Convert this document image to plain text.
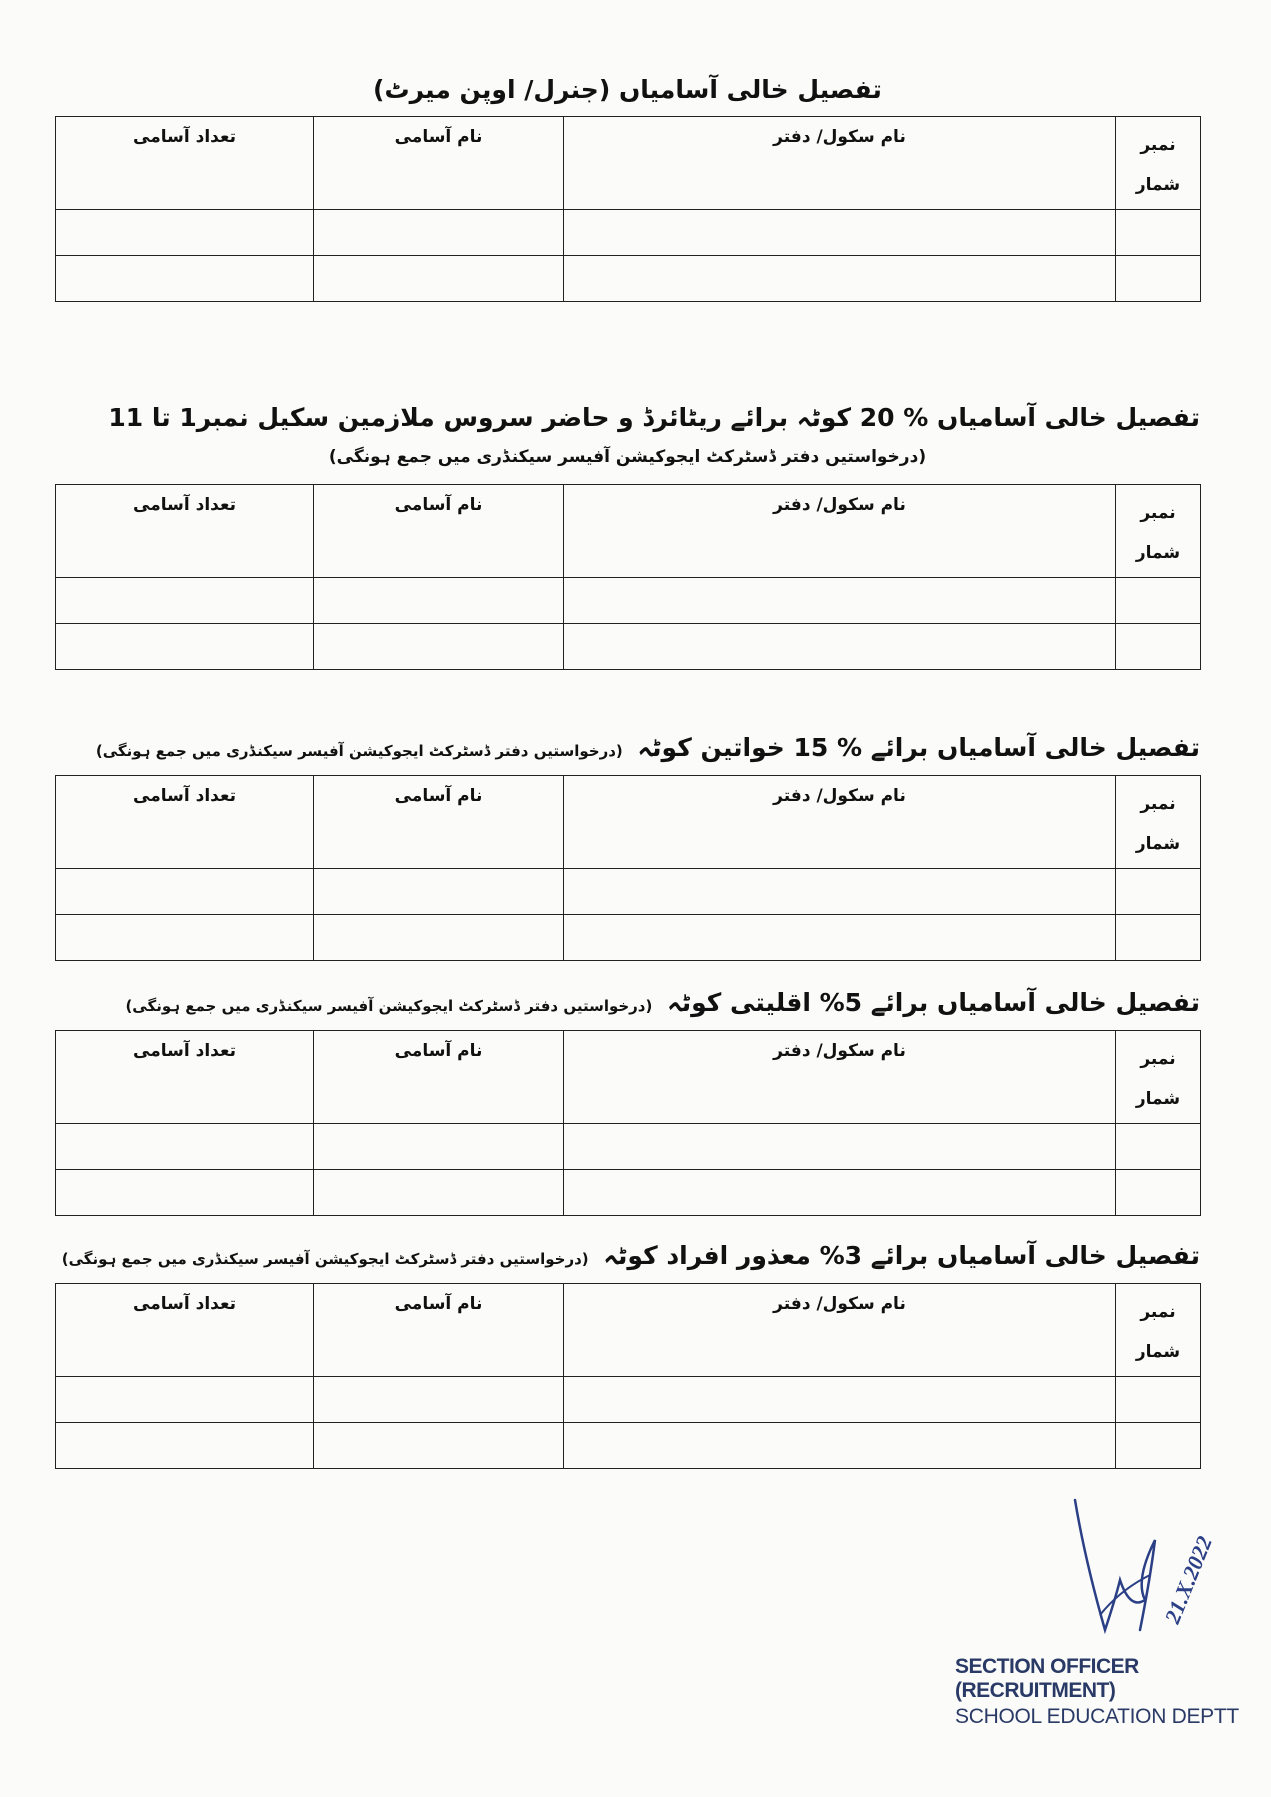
تفصیل خالی آسامیاں (جنرل/ اوپن میرٹ)
نمبر
شمار	نام سکول/ دفتر	نام آسامی	تعداد آسامی

تفصیل خالی آسامیاں % 20 کوٹہ برائے ریٹائرڈ و حاضر سروس ملازمین سکیل نمبر1 تا 11
(درخواستیں دفتر ڈسٹرکٹ ایجوکیشن آفیسر سیکنڈری میں جمع ہونگی)
نمبر
شمار	نام سکول/ دفتر	نام آسامی	تعداد آسامی

تفصیل خالی آسامیاں برائے % 15 خواتین کوٹہ (درخواستیں دفتر ڈسٹرکٹ ایجوکیشن آفیسر سیکنڈری میں جمع ہونگی)
نمبر
شمار	نام سکول/ دفتر	نام آسامی	تعداد آسامی

تفصیل خالی آسامیاں برائے 5% اقلیتی کوٹہ (درخواستیں دفتر ڈسٹرکٹ ایجوکیشن آفیسر سیکنڈری میں جمع ہونگی)
نمبر
شمار	نام سکول/ دفتر	نام آسامی	تعداد آسامی

تفصیل خالی آسامیاں برائے 3% معذور افراد کوٹہ (درخواستیں دفتر ڈسٹرکٹ ایجوکیشن آفیسر سیکنڈری میں جمع ہونگی)
نمبر
شمار	نام سکول/ دفتر	نام آسامی	تعداد آسامی

21.X.2022
SECTION OFFICER (RECRUITMENT)
SCHOOL EDUCATION DEPTT
